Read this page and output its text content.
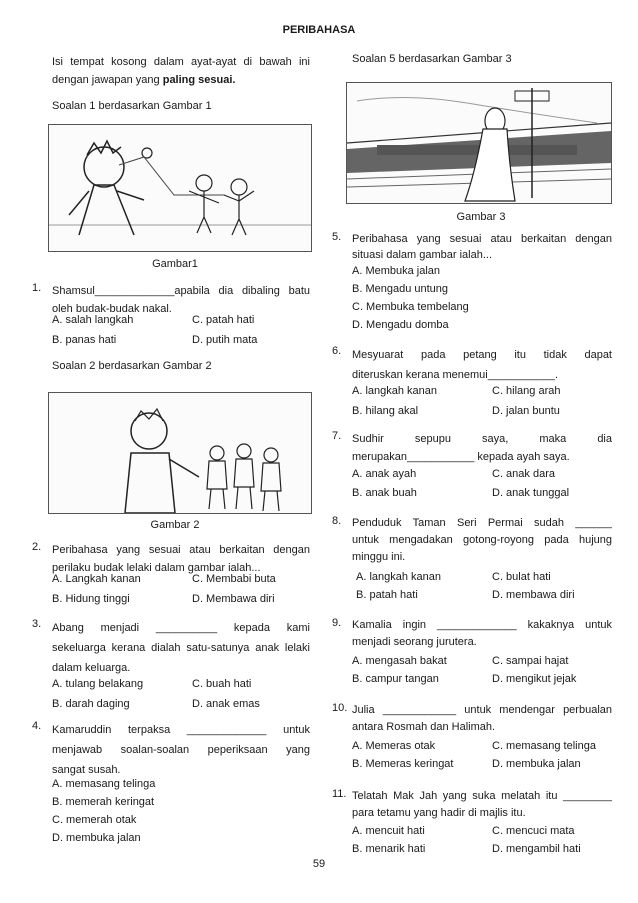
PERIBAHASA
Isi tempat kosong dalam ayat-ayat di bawah ini
dengan jawapan yang paling sesuai.
Soalan 1 berdasarkan Gambar 1
Gambar1
1. Shamsul_____________apabila dia dibaling batu
oleh budak-budak nakal.
A. salah langkah	C. patah hati
B. panas hati	D. putih mata
Soalan 2 berdasarkan Gambar 2
Gambar 2
2. Peribahasa yang sesuai atau berkaitan dengan
perilaku budak lelaki dalam gambar ialah...
A. Langkah kanan	C. Membabi buta
B. Hidung tinggi	D. Membawa diri
3. Abang menjadi __________ kepada kami
sekeluarga kerana dialah satu-satunya anak lelaki
dalam keluarga.
A. tulang belakang	C. buah hati
B. darah daging	D. anak emas
4. Kamaruddin terpaksa _____________ untuk
menjawab soalan-soalan peperiksaan yang
sangat susah.
A. memasang telinga
B. memerah keringat
C. memerah otak
D. membuka jalan
Soalan 5 berdasarkan Gambar 3
Gambar 3
5. Peribahasa yang sesuai atau berkaitan dengan
situasi dalam gambar ialah...
A. Membuka jalan
B. Mengadu untung
C. Membuka tembelang
D. Mengadu domba
6. Mesyuarat pada petang itu tidak dapat
diteruskan kerana menemui___________.
A. langkah kanan	C. hilang arah
B. hilang akal	D. jalan buntu
7. Sudhir sepupu saya, maka dia
merupakan___________ kepada ayah saya.
A. anak ayah	C. anak dara
B. anak buah	D. anak tunggal
8. Penduduk Taman Seri Permai sudah ______
untuk mengadakan gotong-royong pada hujung
minggu ini.
A. langkah kanan	C. bulat hati
B. patah hati	D. membawa diri
9. Kamalia ingin _____________ kakaknya untuk
menjadi seorang jurutera.
A. mengasah bakat	C. sampai hajat
B. campur tangan	D. mengikut jejak
10. Julia ____________ untuk mendengar perbualan
antara Rosmah dan Halimah.
A. Memeras otak	C. memasang telinga
B. Memeras keringat	D. membuka jalan
11. Telatah Mak Jah yang suka melatah itu ________
para tetamu yang hadir di majlis itu.
A. mencuit hati	C. mencuci mata
B. menarik hati	D. mengambil hati
59
